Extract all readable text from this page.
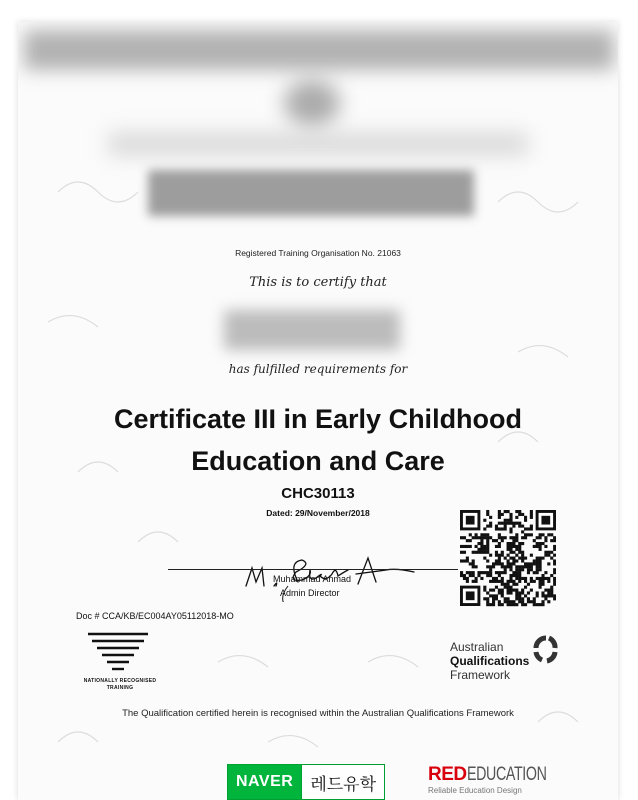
Registered Training Organisation No. 21063
This is to certify that
has fulfilled requirements for
Certificate III in Early Childhood
Education and Care
CHC30113
Dated: 29/November/2018
Muhammad Ahmad
Admin Director
Doc # CCA/KB/EC004AY05112018-MO
NATIONALLY RECOGNISED
TRAINING
Australian
Qualifications
Framework
The Qualification certified herein is recognised within the Australian Qualifications Framework
NAVER	레드유학	REDEDUCATION
Reliable Education Design
